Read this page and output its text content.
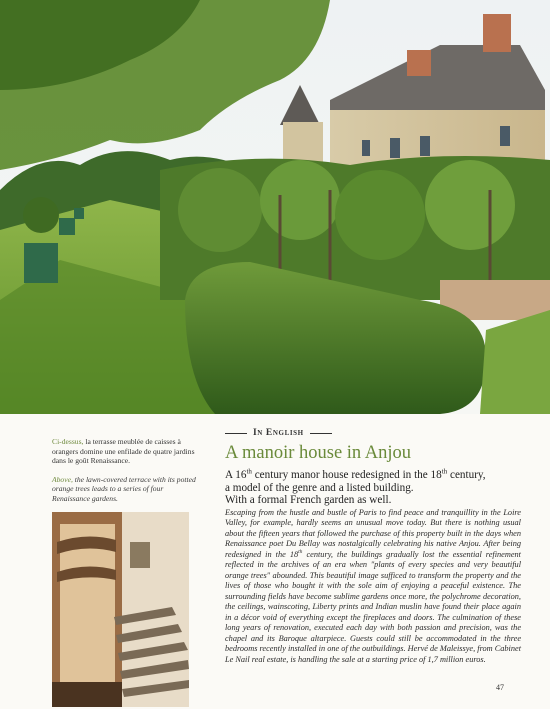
Ci-dessus, la terrasse meublée de caisses à orangers domine une enfilade de quatre jardins dans le goût Renaissance.
Above, the lawn-covered terrace with its potted orange trees leads to a series of four Renaissance gardens.
In English
A manoir house in Anjou
A 16th century manor house redesigned in the 18th century,
a model of the genre and a listed building.
With a formal French garden as well.
Escaping from the hustle and bustle of Paris to find peace and tranquillity in the Loire Valley, for example, hardly seems an unusual move today. But there is nothing usual about the fifteen years that followed the purchase of this property built in the days when Renaissance poet Du Bellay was nostalgically celebrating his native Anjou. After being redesigned in the 18th century, the buildings gradually lost the essential refinement reflected in the archives of an era when "plants of every species and very beautiful orange trees" abounded. This beautiful image sufficed to transform the property and the lives of those who bought it with the sole aim of enjoying a peaceful existence. The surrounding fields have become sublime gardens once more, the polychrome decoration, the ceilings, wainscoting, Liberty prints and Indian muslin have found their place again in a décor void of everything except the fireplaces and doors. The culmination of these long years of renovation, executed each day with both passion and precision, was the chapel and its Baroque altarpiece. Guests could still be accommodated in the three bedrooms recently installed in one of the outbuildings. Hervé de Maleissye, from Cabinet Le Nail real estate, is handling the sale at a starting price of 1,7 million euros.
47
